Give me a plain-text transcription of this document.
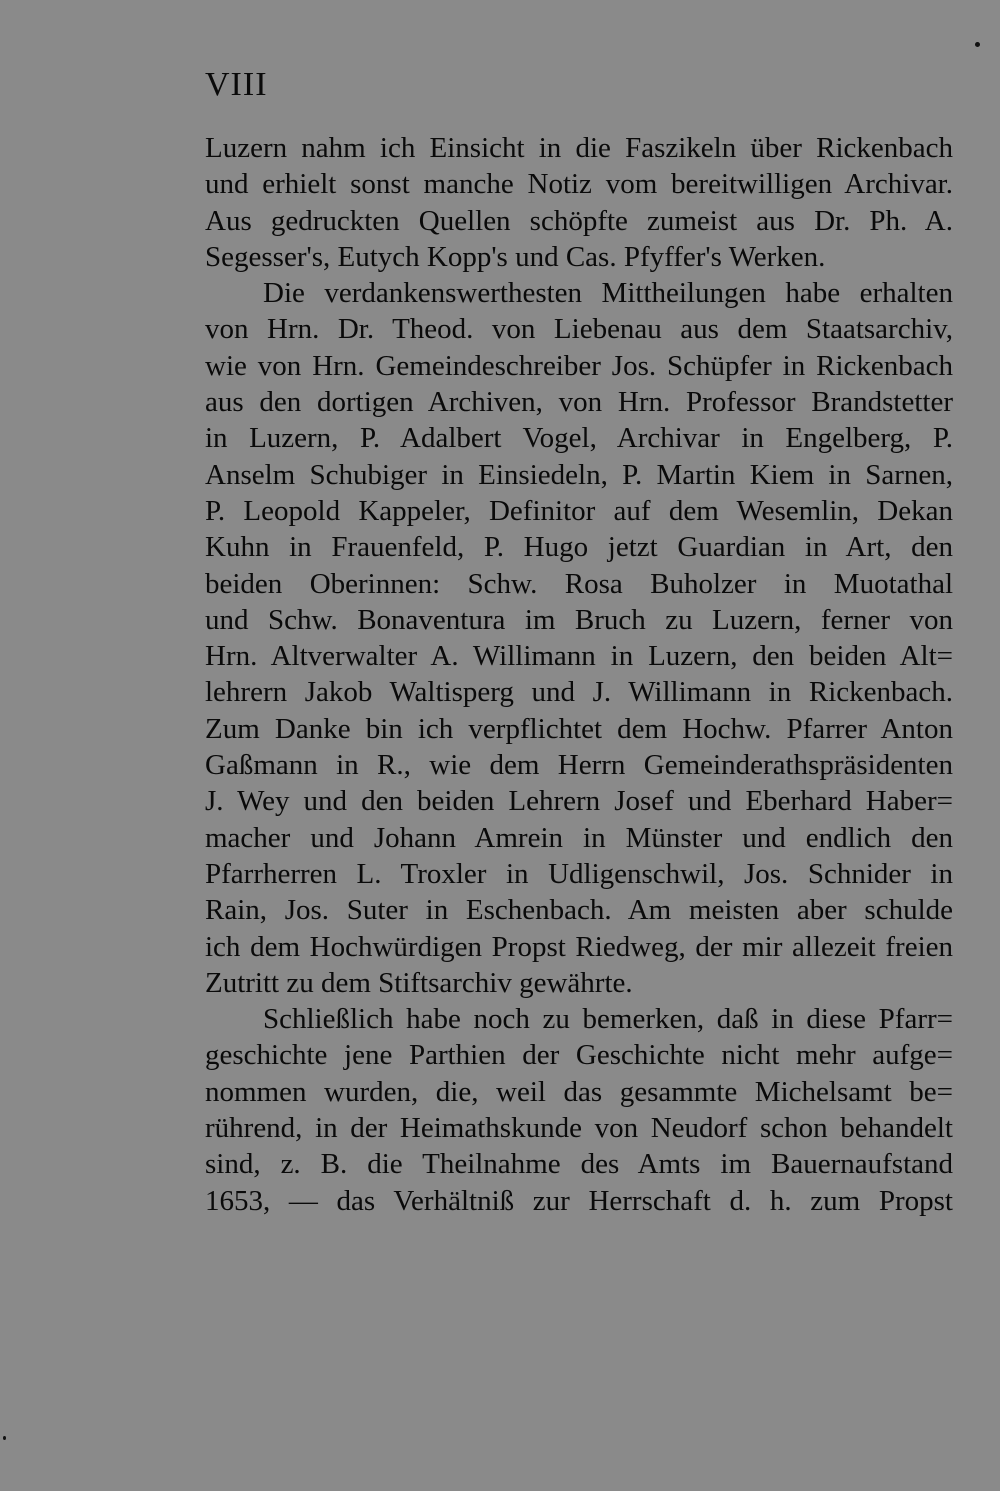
VIII
Luzern nahm ich Einsicht in die Faszikeln über Rickenbach
und erhielt sonst manche Notiz vom bereitwilligen Archivar.
Aus gedruckten Quellen schöpfte zumeist aus Dr. Ph. A.
Segesser's, Eutych Kopp's und Cas. Pfyffer's Werken.
Die verdankenswerthesten Mittheilungen habe erhalten
von Hrn. Dr. Theod. von Liebenau aus dem Staatsarchiv,
wie von Hrn. Gemeindeschreiber Jos. Schüpfer in Rickenbach
aus den dortigen Archiven, von Hrn. Professor Brandstetter
in Luzern, P. Adalbert Vogel, Archivar in Engelberg, P.
Anselm Schubiger in Einsiedeln, P. Martin Kiem in Sarnen,
P. Leopold Kappeler, Definitor auf dem Wesemlin, Dekan
Kuhn in Frauenfeld, P. Hugo jetzt Guardian in Art, den
beiden Oberinnen: Schw. Rosa Buholzer in Muotathal
und Schw. Bonaventura im Bruch zu Luzern, ferner von
Hrn. Altverwalter A. Willimann in Luzern, den beiden Alt=
lehrern Jakob Waltisperg und J. Willimann in Rickenbach.
Zum Danke bin ich verpflichtet dem Hochw. Pfarrer Anton
Gaßmann in R., wie dem Herrn Gemeinderathspräsidenten
J. Wey und den beiden Lehrern Josef und Eberhard Haber=
macher und Johann Amrein in Münster und endlich den
Pfarrherren L. Troxler in Udligenschwil, Jos. Schnider in
Rain, Jos. Suter in Eschenbach. Am meisten aber schulde
ich dem Hochwürdigen Propst Riedweg, der mir allezeit freien
Zutritt zu dem Stiftsarchiv gewährte.
Schließlich habe noch zu bemerken, daß in diese Pfarr=
geschichte jene Parthien der Geschichte nicht mehr aufge=
nommen wurden, die, weil das gesammte Michelsamt be=
rührend, in der Heimathskunde von Neudorf schon behandelt
sind, z. B. die Theilnahme des Amts im Bauernaufstand
1653, — das Verhältniß zur Herrschaft d. h. zum Propst
